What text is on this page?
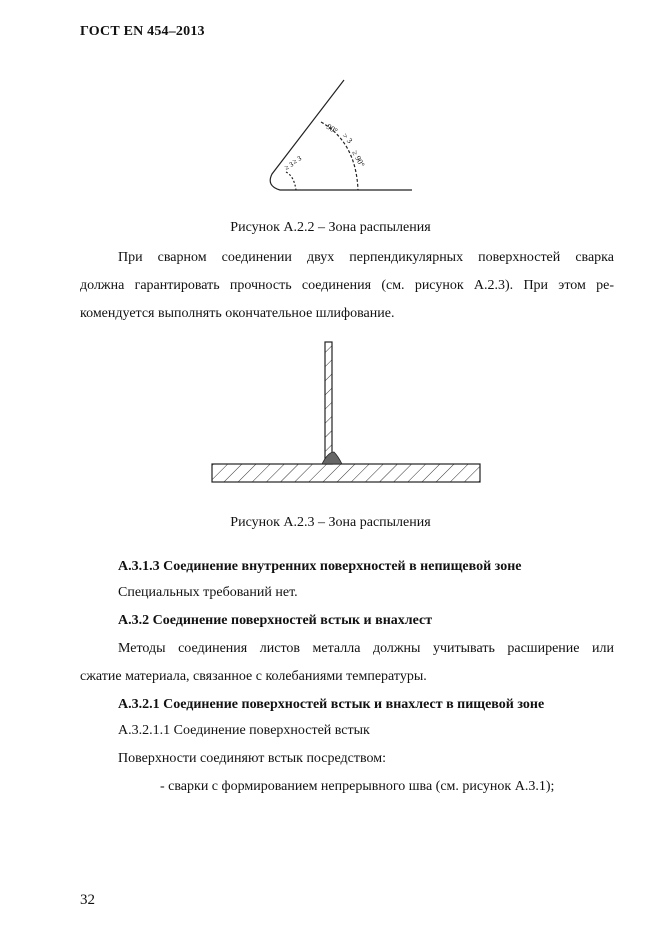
ГОСТ EN 454–2013
90°
> 3
≥ 90°
≥ 3
≥ 3
Рисунок А.2.2 – Зона распыления

При сварном соединении двух перпендикулярных поверхностей сварка

должна гарантировать прочность соединения (см. рисунок А.2.3). При этом ре-

комендуется выполнять окончательное шлифование.

Рисунок А.2.3 – Зона распыления
А.3.1.3 Соединение внутренних поверхностей в непищевой зоне
Специальных требований нет.
А.3.2 Соединение поверхностей встык и внахлест

Методы соединения листов металла должны учитывать расширение или

сжатие материала, связанное с колебаниями температуры.

А.3.2.1 Соединение поверхностей встык и внахлест в пищевой зоне
А.3.2.1.1 Соединение поверхностей встык
Поверхности соединяют встык посредством:
- сварки с формированием непрерывного шва (см. рисунок А.3.1);
32
